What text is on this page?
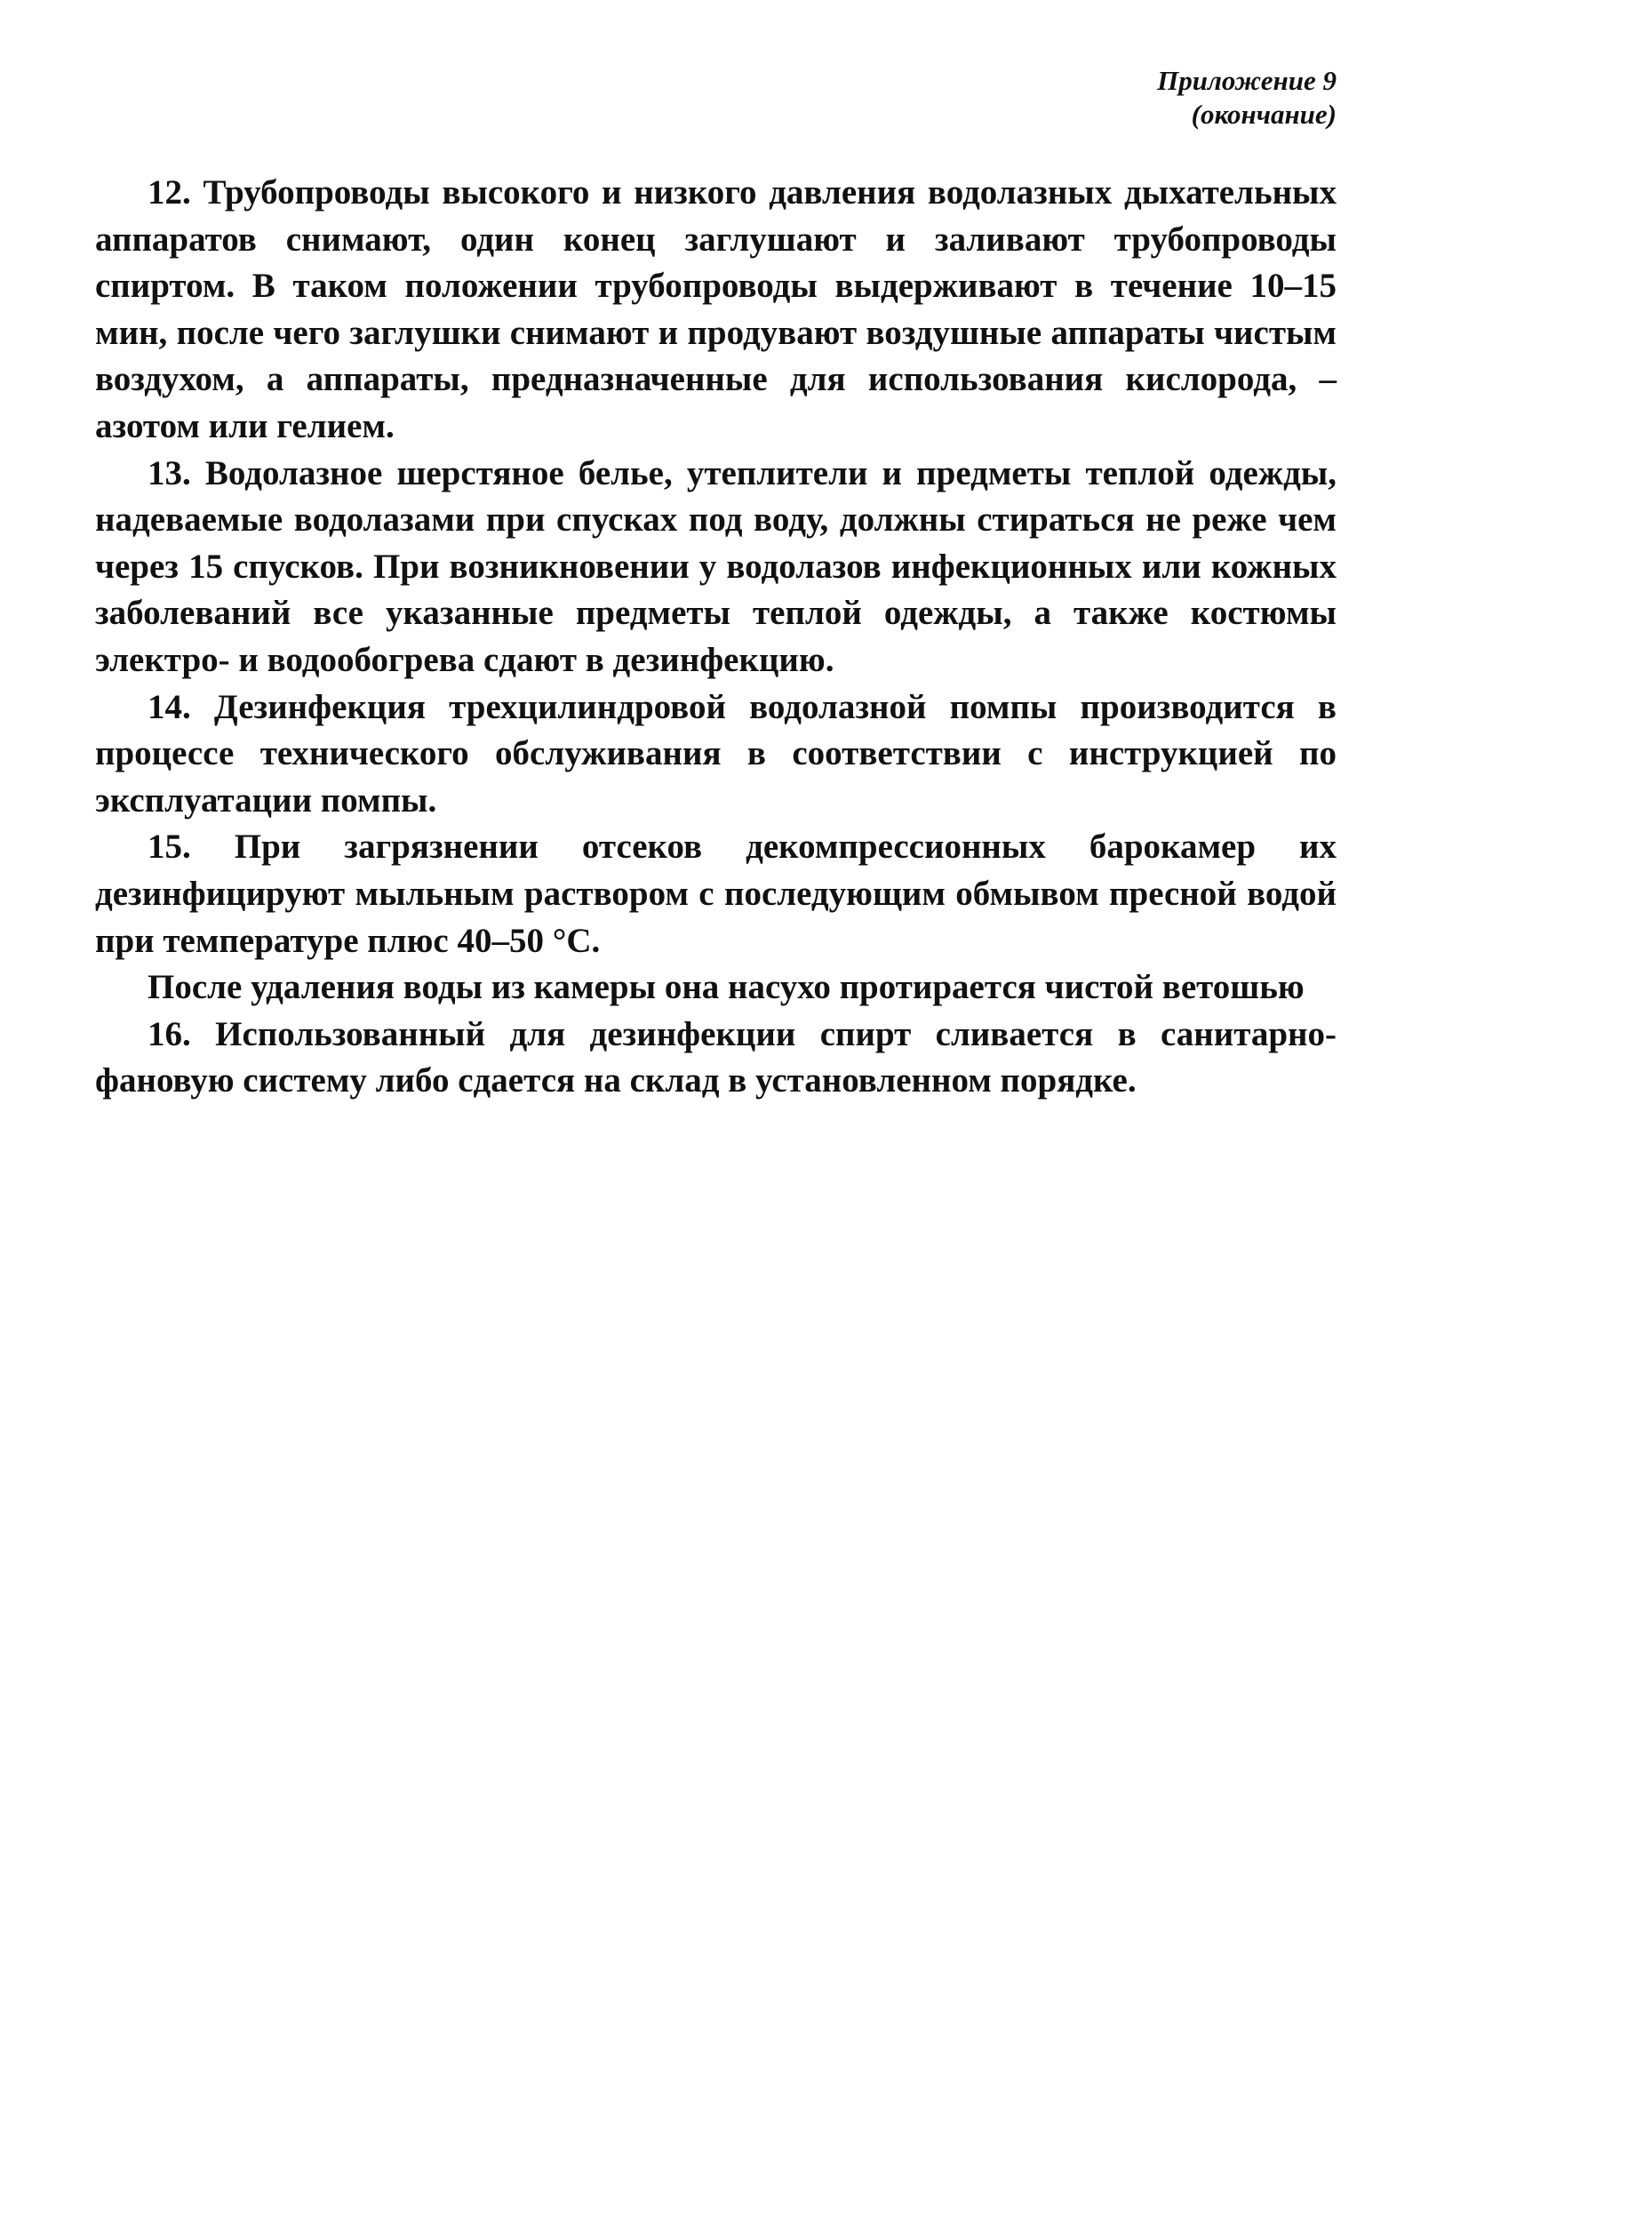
Приложение 9
(окончание)

12. Трубопроводы высокого и низкого давления водолазных дыхательных аппаратов снимают, один конец заглушают и заливают трубопроводы спиртом. В таком положении трубопроводы выдерживают в течение 10–15 мин, после чего заглушки снимают и продувают воздушные аппараты чистым воздухом, а аппараты, предназначенные для использования кислорода, – азотом или гелием.

13. Водолазное шерстяное белье, утеплители и предметы теплой одежды, надеваемые водолазами при спусках под воду, должны стираться не реже чем через 15 спусков. При возникновении у водолазов инфекционных или кожных заболеваний все указанные предметы теплой одежды, а также костюмы электро- и водообогрева сдают в дезинфекцию.

14. Дезинфекция трехцилиндровой водолазной помпы производится в процессе технического обслуживания в соответствии с инструкцией по эксплуатации помпы.

15. При загрязнении отсеков декомпрессионных барокамер их дезинфицируют мыльным раствором с последующим обмывом пресной водой при температуре плюс 40–50 °С.

После удаления воды из камеры она насухо протирается чистой ветошью

16. Использованный для дезинфекции спирт сливается в санитарно-фановую систему либо сдается на склад в установленном порядке.
